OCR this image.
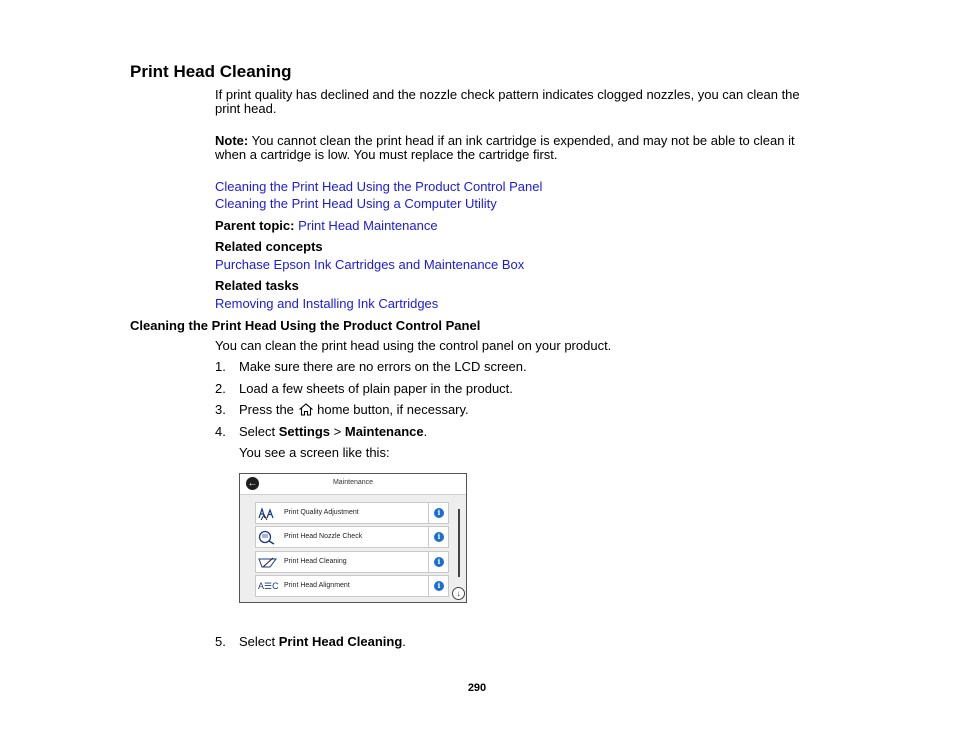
Print Head Cleaning
If print quality has declined and the nozzle check pattern indicates clogged nozzles, you can clean the print head.
Note: You cannot clean the print head if an ink cartridge is expended, and may not be able to clean it when a cartridge is low. You must replace the cartridge first.
Cleaning the Print Head Using the Product Control Panel
Cleaning the Print Head Using a Computer Utility
Parent topic: Print Head Maintenance
Related concepts
Purchase Epson Ink Cartridges and Maintenance Box
Related tasks
Removing and Installing Ink Cartridges
Cleaning the Print Head Using the Product Control Panel
You can clean the print head using the control panel on your product.
1. Make sure there are no errors on the LCD screen.
2. Load a few sheets of plain paper in the product.
3. Press the  home button, if necessary.
4. Select Settings > Maintenance.
You see a screen like this:
←	Maintenance
Print Quality Adjustment	i
Print Head Nozzle Check	i
Print Head Cleaning	i
A☰C Print Head Alignment	i
↓
5. Select Print Head Cleaning.
290
